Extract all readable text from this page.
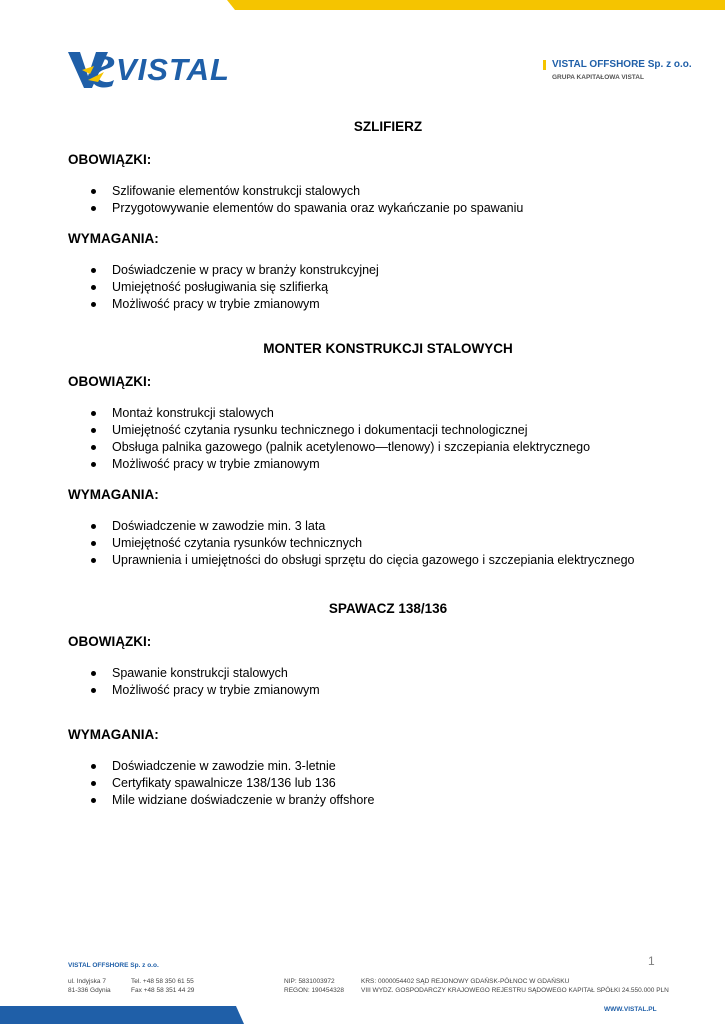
VISTAL	VISTAL OFFSHORE Sp. z o.o.
GRUPA KAPITAŁOWA VISTAL
SZLIFIERZ
OBOWIĄZKI:
Szlifowanie elementów konstrukcji stalowych
Przygotowywanie elementów do spawania oraz wykańczanie po spawaniu
WYMAGANIA:
Doświadczenie w pracy w branży konstrukcyjnej
Umiejętność posługiwania się szlifierką
Możliwość pracy w trybie zmianowym
MONTER KONSTRUKCJI STALOWYCH
OBOWIĄZKI:
Montaż konstrukcji stalowych
Umiejętność czytania rysunku technicznego i dokumentacji technologicznej
Obsługa palnika gazowego (palnik acetylenowo—tlenowy) i szczepiania elektrycznego
Możliwość pracy w trybie zmianowym
WYMAGANIA:
Doświadczenie w zawodzie min. 3 lata
Umiejętność czytania rysunków technicznych
Uprawnienia i umiejętności do obsługi sprzętu do cięcia gazowego i szczepiania elektrycznego
SPAWACZ 138/136
OBOWIĄZKI:
Spawanie konstrukcji stalowych
Możliwość pracy w trybie zmianowym
WYMAGANIA:
Doświadczenie w zawodzie min. 3-letnie
Certyfikaty spawalnicze 138/136 lub 136
Mile widziane doświadczenie w branży offshore
1
VISTAL OFFSHORE Sp. z o.o.
ul. Indyjska 7
81-336 Gdynia
Tel. +48 58 350 61 55
Fax +48 58 351 44 29
NIP: 5831003972
REGON: 190454328
KRS: 0000054402 SĄD REJONOWY GDAŃSK-PÓŁNOC W GDAŃSKU
VIII WYDZ. GOSPODARCZY KRAJOWEGO REJESTRU SĄDOWEGO KAPITAŁ SPÓŁKI 24.550.000 PLN
WWW.VISTAL.PL
